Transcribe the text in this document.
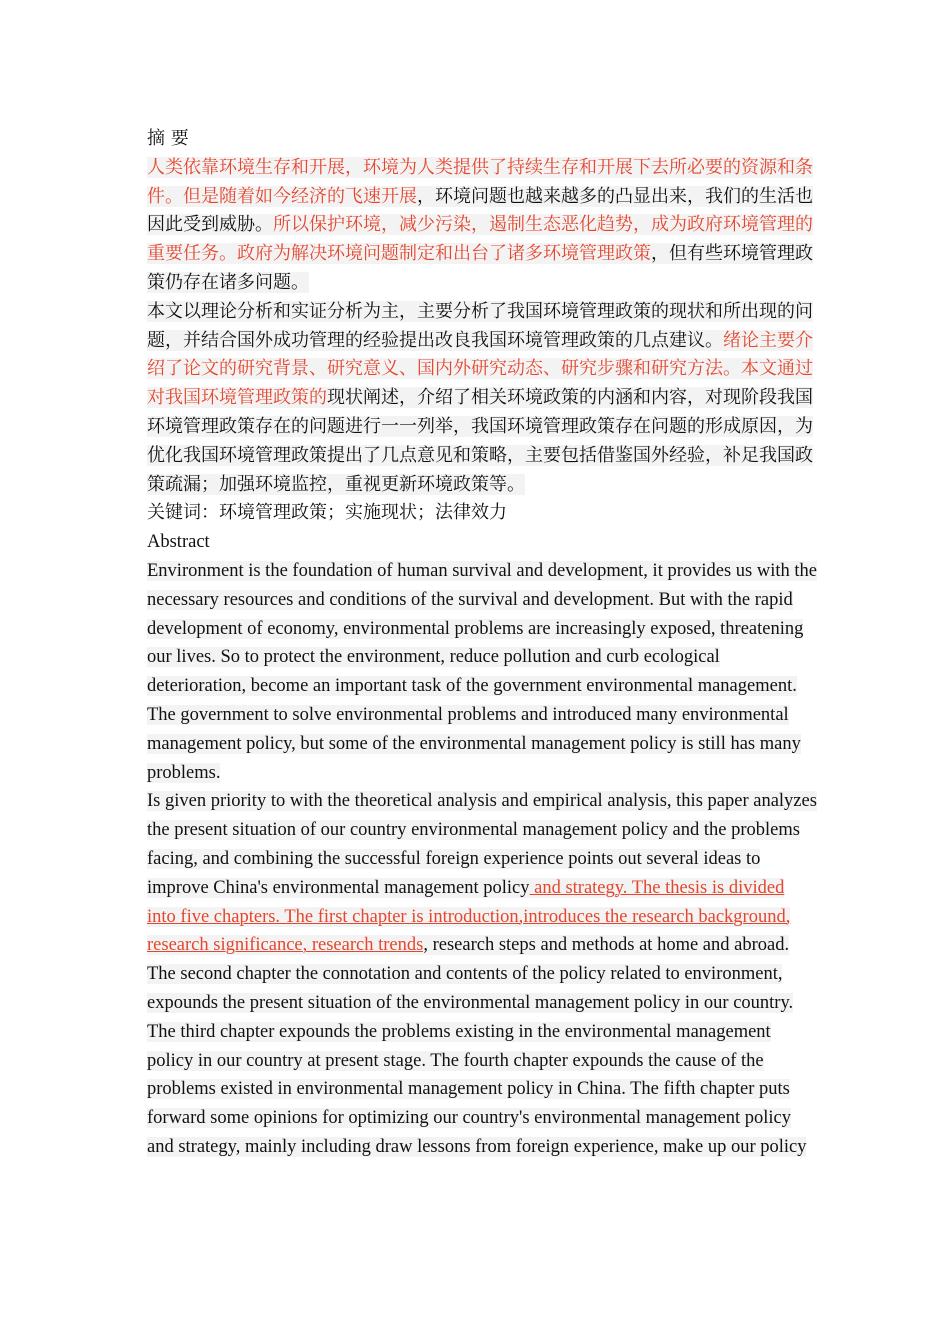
摘 要

人类依靠环境生存和开展，环境为人类提供了持续生存和开展下去所必要的资源和条件。但是随着如今经济的飞速开展，环境问题也越来越多的凸显出来，我们的生活也因此受到威胁。所以保护环境，减少污染，遏制生态恶化趋势，成为政府环境管理的重要任务。政府为解决环境问题制定和出台了诸多环境管理政策，但有些环境管理政策仍存在诸多问题。

本文以理论分析和实证分析为主，主要分析了我国环境管理政策的现状和所出现的问题，并结合国外成功管理的经验提出改良我国环境管理政策的几点建议。绪论主要介绍了论文的研究背景、研究意义、国内外研究动态、研究步骤和研究方法。本文通过对我国环境管理政策的现状阐述，介绍了相关环境政策的内涵和内容，对现阶段我国环境管理政策存在的问题进行一一列举，我国环境管理政策存在问题的形成原因，为优化我国环境管理政策提出了几点意见和策略，主要包括借鉴国外经验，补足我国政策疏漏；加强环境监控，重视更新环境政策等。

关键词：环境管理政策；实施现状；法律效力

Abstract

Environment is the foundation of human survival and development, it provides us with the necessary resources and conditions of the survival and development. But with the rapid development of economy, environmental problems are increasingly exposed, threatening our lives. So to protect the environment, reduce pollution and curb ecological deterioration, become an important task of the government environmental management. The government to solve environmental problems and introduced many environmental management policy, but some of the environmental management policy is still has many problems.

Is given priority to with the theoretical analysis and empirical analysis, this paper analyzes the present situation of our country environmental management policy and the problems facing, and combining the successful foreign experience points out several ideas to improve China's environmental management policy and strategy. The thesis is divided into five chapters. The first chapter is introduction,introduces the research background, research significance, research trends, research steps and methods at home and abroad. The second chapter the connotation and contents of the policy related to environment, expounds the present situation of the environmental management policy in our country. The third chapter expounds the problems existing in the environmental management policy in our country at present stage. The fourth chapter expounds the cause of the problems existed in environmental management policy in China. The fifth chapter puts forward some opinions for optimizing our country's environmental management policy and strategy, mainly including draw lessons from foreign experience, make up our policy
